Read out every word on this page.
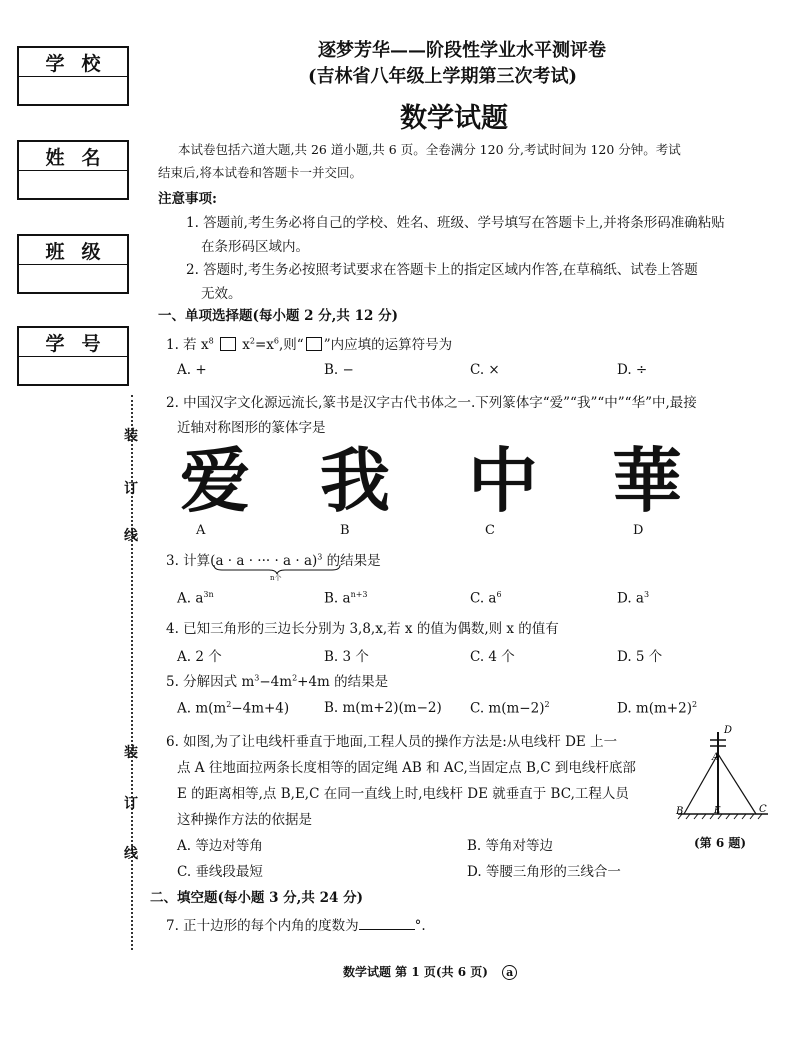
学 校
姓 名
班 级
学 号
装
订
线
装
订
线
逐梦芳华——阶段性学业水平测评卷
(吉林省八年级上学期第三次考试)
数学试题
本试卷包括六道大题,共 26 道小题,共 6 页。全卷满分 120 分,考试时间为 120 分钟。考试
结束后,将本试卷和答题卡一并交回。
注意事项:
1. 答题前,考生务必将自己的学校、姓名、班级、学号填写在答题卡上,并将条形码准确粘贴
在条形码区域内。
2. 答题时,考生务必按照考试要求在答题卡上的指定区域内作答,在草稿纸、试卷上答题
无效。
一、单项选择题(每小题 2 分,共 12 分)
1. 若 $x^8$ $x^2=x^6$,则“ ”内应填的运算符号为
A. +	B. −	C. ×	D. ÷
2. 中国汉字文化源远流长,篆书是汉字古代书体之一.下列篆体字“爱”“我”“中”“华”中,最接
近轴对称图形的篆体字是
爱 我 中 華
A	B	C	D
3. 计算(a · a · ··· · a · a)$^3$ 的结果是
n个
A. $a^{3n}$	B. $a^{n+3}$	C. $a^6$	D. $a^3$
4. 已知三角形的三边长分别为 3,8,x,若 x 的值为偶数,则 x 的值有
A. 2 个	B. 3 个	C. 4 个	D. 5 个
5. 分解因式 $m^3-4m^2+4m$ 的结果是
A. $m(m^2-4m+4)$	B. m(m+2)(m−2) C. $m(m-2)^2$	D. $m(m+2)^2$
6. 如图,为了让电线杆垂直于地面,工程人员的操作方法是:从电线杆 DE 上一
点 A 往地面拉两条长度相等的固定绳 AB 和 AC,当固定点 B,C 到电线杆底部
E 的距离相等,点 B,E,C 在同一直线上时,电线杆 DE 就垂直于 BC,工程人员
这种操作方法的依据是
A. 等边对等角	B. 等角对等边
C. 垂线段最短	D. 等腰三角形的三线合一
D
A
B	E	C
(第 6 题)
二、填空题(每小题 3 分,共 24 分)
7. 正十边形的每个内角的度数为	°.
数学试题 第 1 页(共 6 页) a
